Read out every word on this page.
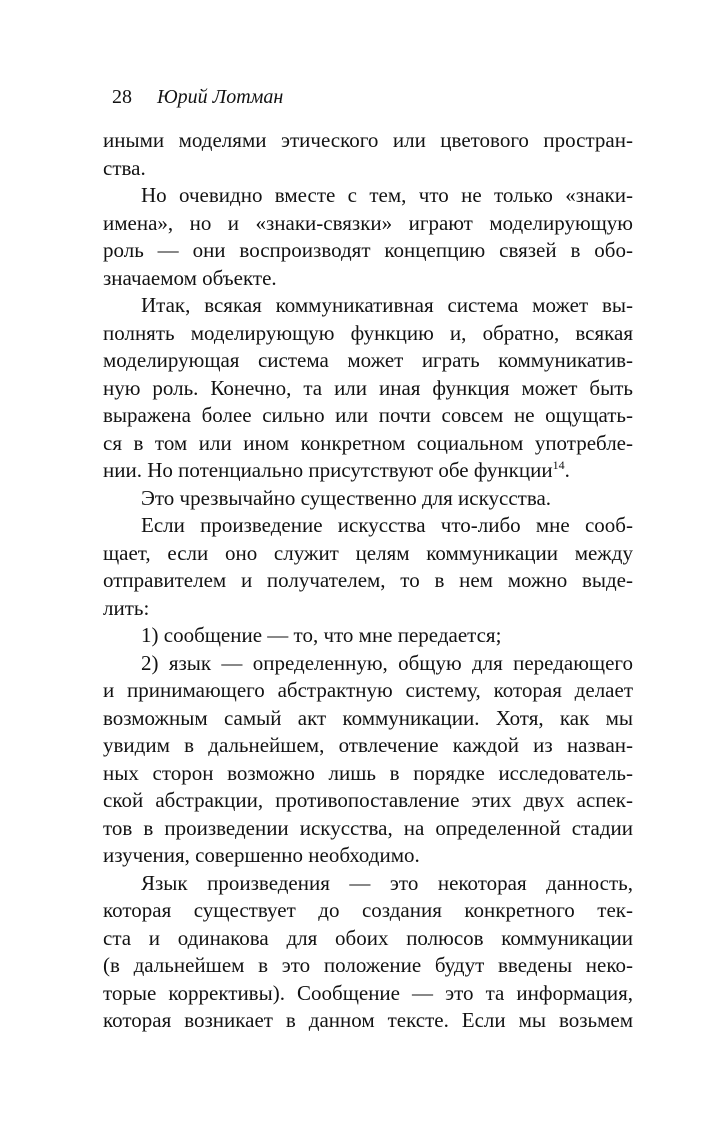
28 Юрий Лотман
иными моделями этического или цветового простран-
ства.
Но очевидно вместе с тем, что не только «знаки-
имена», но и «знаки-связки» играют моделирующую
роль — они воспроизводят концепцию связей в обо-
значаемом объекте.
Итак, всякая коммуникативная система может вы-
полнять моделирующую функцию и, обратно, всякая
моделирующая система может играть коммуникатив-
ную роль. Конечно, та или иная функция может быть
выражена более сильно или почти совсем не ощущать-
ся в том или ином конкретном социальном употребле-
нии. Но потенциально присутствуют обе функции$^{14}$.
Это чрезвычайно существенно для искусства.
Если произведение искусства что-либо мне сооб-
щает, если оно служит целям коммуникации между
отправителем и получателем, то в нем можно выде-
лить:
1) сообщение — то, что мне передается;
2) язык — определенную, общую для передающего
и принимающего абстрактную систему, которая делает
возможным самый акт коммуникации. Хотя, как мы
увидим в дальнейшем, отвлечение каждой из назван-
ных сторон возможно лишь в порядке исследователь-
ской абстракции, противопоставление этих двух аспек-
тов в произведении искусства, на определенной стадии
изучения, совершенно необходимо.
Язык произведения — это некоторая данность,
которая существует до создания конкретного тек-
ста и одинакова для обоих полюсов коммуникации
(в дальнейшем в это положение будут введены неко-
торые коррективы). Сообщение — это та информация,
которая возникает в данном тексте. Если мы возьмем
